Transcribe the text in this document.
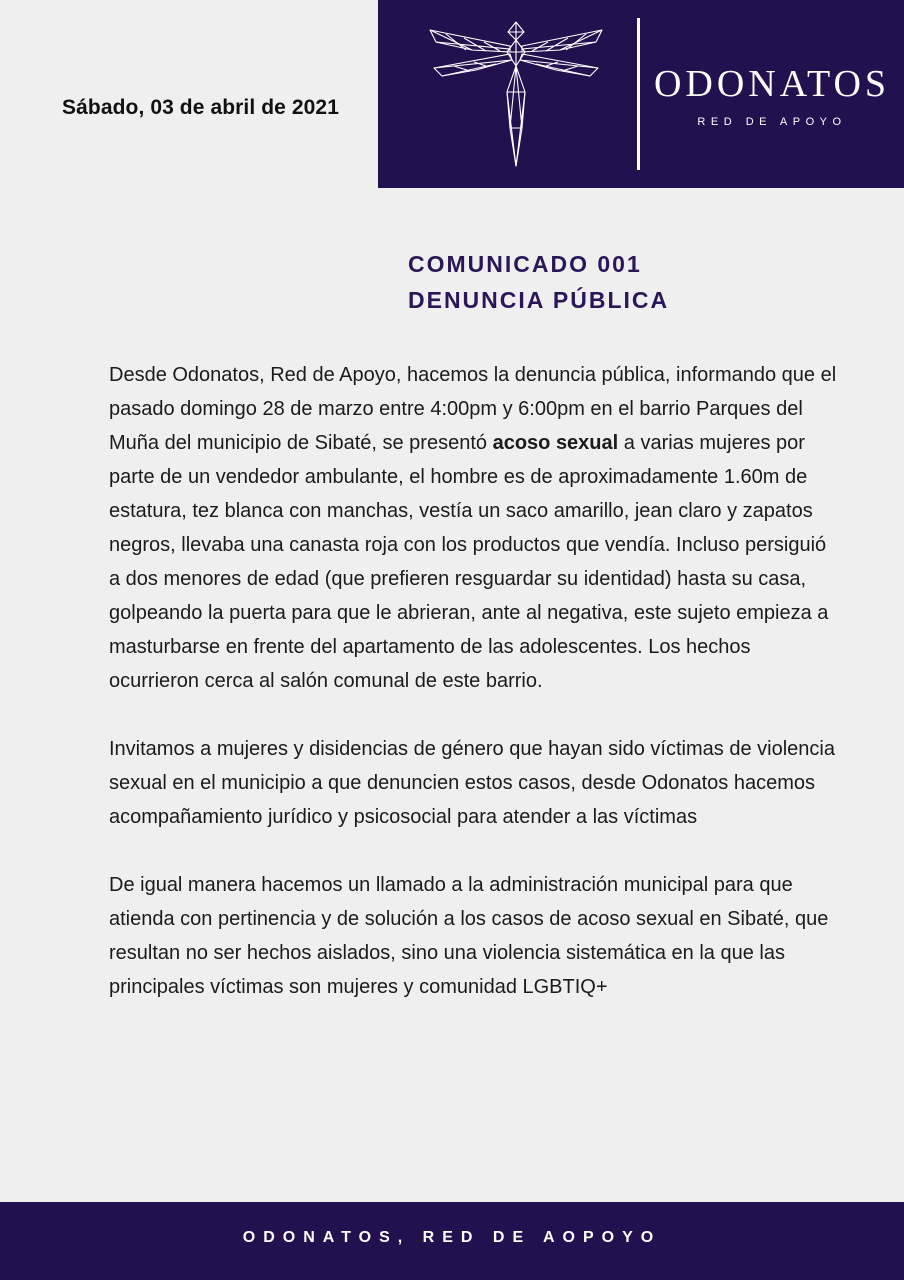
Sábado, 03 de abril de 2021
ODONATOS
RED DE APOYO
COMUNICADO 001
DENUNCIA PÚBLICA

Desde Odonatos, Red de Apoyo, hacemos la denuncia pública, informando que el pasado domingo 28 de marzo entre 4:00pm y 6:00pm en el barrio Parques del Muña del municipio de Sibaté, se presentó acoso sexual a varias mujeres por parte de un vendedor ambulante, el hombre es de aproximadamente 1.60m de estatura, tez blanca con manchas, vestía un saco amarillo, jean claro y zapatos negros, llevaba una canasta roja con los productos que vendía. Incluso persiguió a dos menores de edad (que prefieren resguardar su identidad) hasta su casa, golpeando la puerta para que le abrieran, ante al negativa, este sujeto empieza a masturbarse en frente del apartamento de las adolescentes. Los hechos ocurrieron cerca al salón comunal de este barrio.

Invitamos a mujeres y disidencias de género que hayan sido víctimas de violencia sexual en el municipio a que denuncien estos casos, desde Odonatos hacemos acompañamiento jurídico y psicosocial para atender a las víctimas

De igual manera hacemos un llamado a la administración municipal para que atienda con pertinencia y de solución a los casos de acoso sexual en Sibaté, que resultan no ser hechos aislados, sino una violencia sistemática en la que las principales víctimas son mujeres y comunidad LGBTIQ+

ODONATOS, RED DE AOPOYO
